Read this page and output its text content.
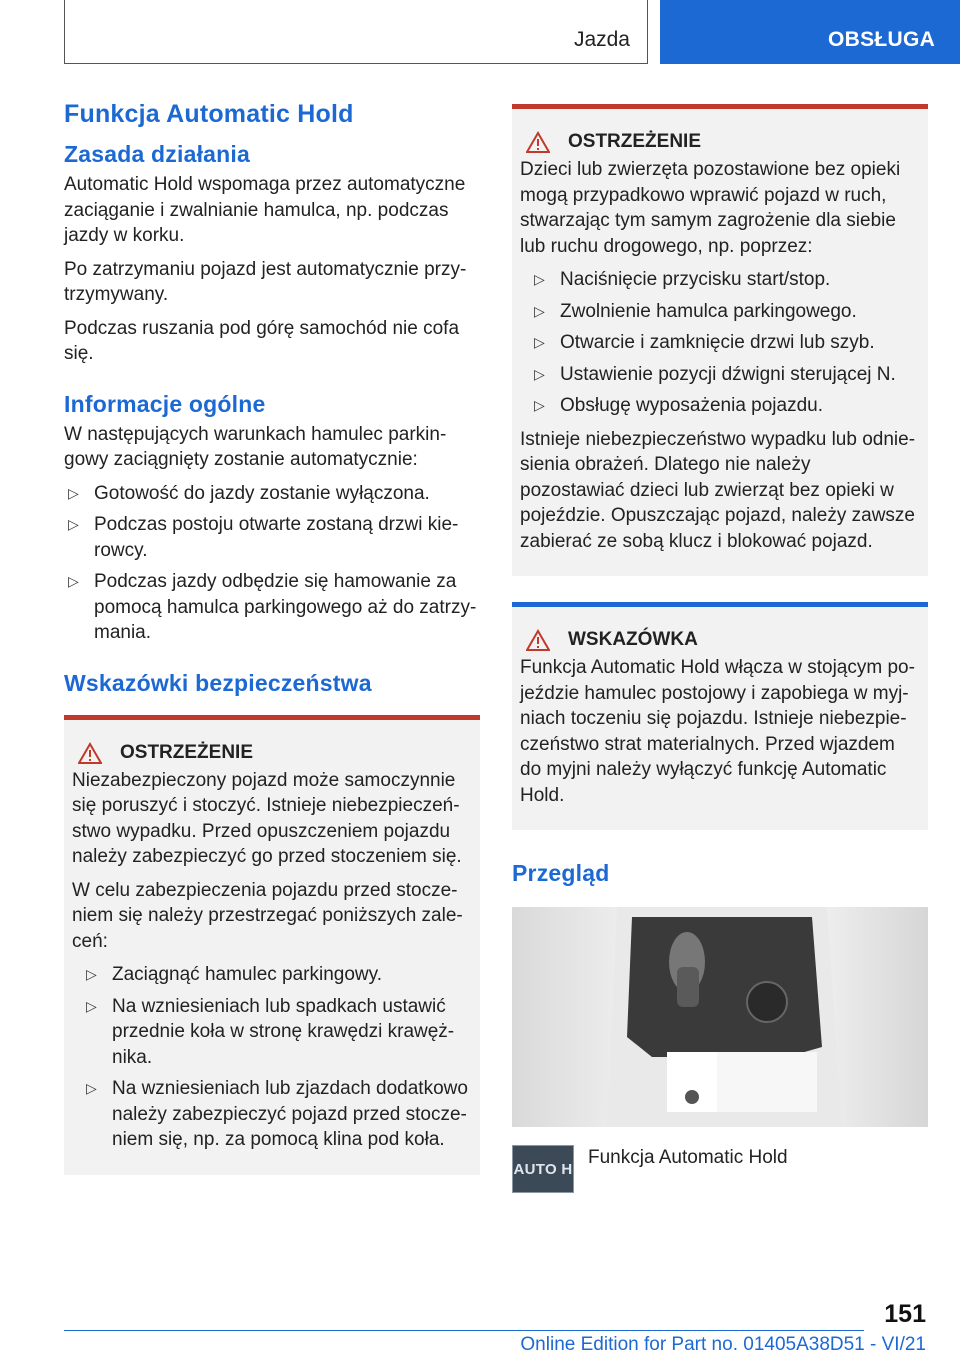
Jazda	OBSŁUGA
Funkcja Automatic Hold
Zasada działania

Automatic Hold wspomaga przez automatyczne zaciąganie i zwalnianie hamulca, np. podczas jazdy w korku.

Po zatrzymaniu pojazd jest automatycznie przy-trzymywany.

Podczas ruszania pod górę samochód nie cofa się.

Informacje ogólne

W następujących warunkach hamulec parkin-gowy zaciągnięty zostanie automatycznie:

▷ Gotowość do jazdy zostanie wyłączona.
▷ Podczas postoju otwarte zostaną drzwi kie-rowcy.
▷ Podczas jazdy odbędzie się hamowanie za pomocą hamulca parkingowego aż do zatrzy-mania.
Wskazówki bezpieczeństwa
OSTRZEŻENIE

Niezabezpieczony pojazd może samoczynnie się poruszyć i stoczyć. Istnieje niebezpieczeń-stwo wypadku. Przed opuszczeniem pojazdu należy zabezpieczyć go przed stoczeniem się.

W celu zabezpieczenia pojazdu przed stocze-niem się należy przestrzegać poniższych zale-ceń:

▷ Zaciągnąć hamulec parkingowy.
▷ Na wzniesieniach lub spadkach ustawić przednie koła w stronę krawędzi krawęż-nika.
▷ Na wzniesieniach lub zjazdach dodatkowo należy zabezpieczyć pojazd przed stocze-niem się, np. za pomocą klina pod koła.
OSTRZEŻENIE

Dzieci lub zwierzęta pozostawione bez opieki mogą przypadkowo wprawić pojazd w ruch, stwarzając tym samym zagrożenie dla siebie lub ruchu drogowego, np. poprzez:

▷ Naciśnięcie przycisku start/stop.
▷ Zwolnienie hamulca parkingowego.
▷ Otwarcie i zamknięcie drzwi lub szyb.
▷ Ustawienie pozycji dźwigni sterującej N.
▷ Obsługę wyposażenia pojazdu.

Istnieje niebezpieczeństwo wypadku lub odnie-sienia obrażeń. Dlatego nie należy pozostawiać dzieci lub zwierząt bez opieki w pojeździe. Opuszczając pojazd, należy zawsze zabierać ze sobą klucz i blokować pojazd.

WSKAZÓWKA

Funkcja Automatic Hold włącza w stojącym po-jeździe hamulec postojowy i zapobiega w myj-niach toczeniu się pojazdu. Istnieje niebezpie-czeństwo strat materialnych. Przed wjazdem do myjni należy wyłączyć funkcję Automatic Hold.

Przegląd
AUTO H

Funkcja Automatic Hold

151
Online Edition for Part no. 01405A38D51 - VI/21
